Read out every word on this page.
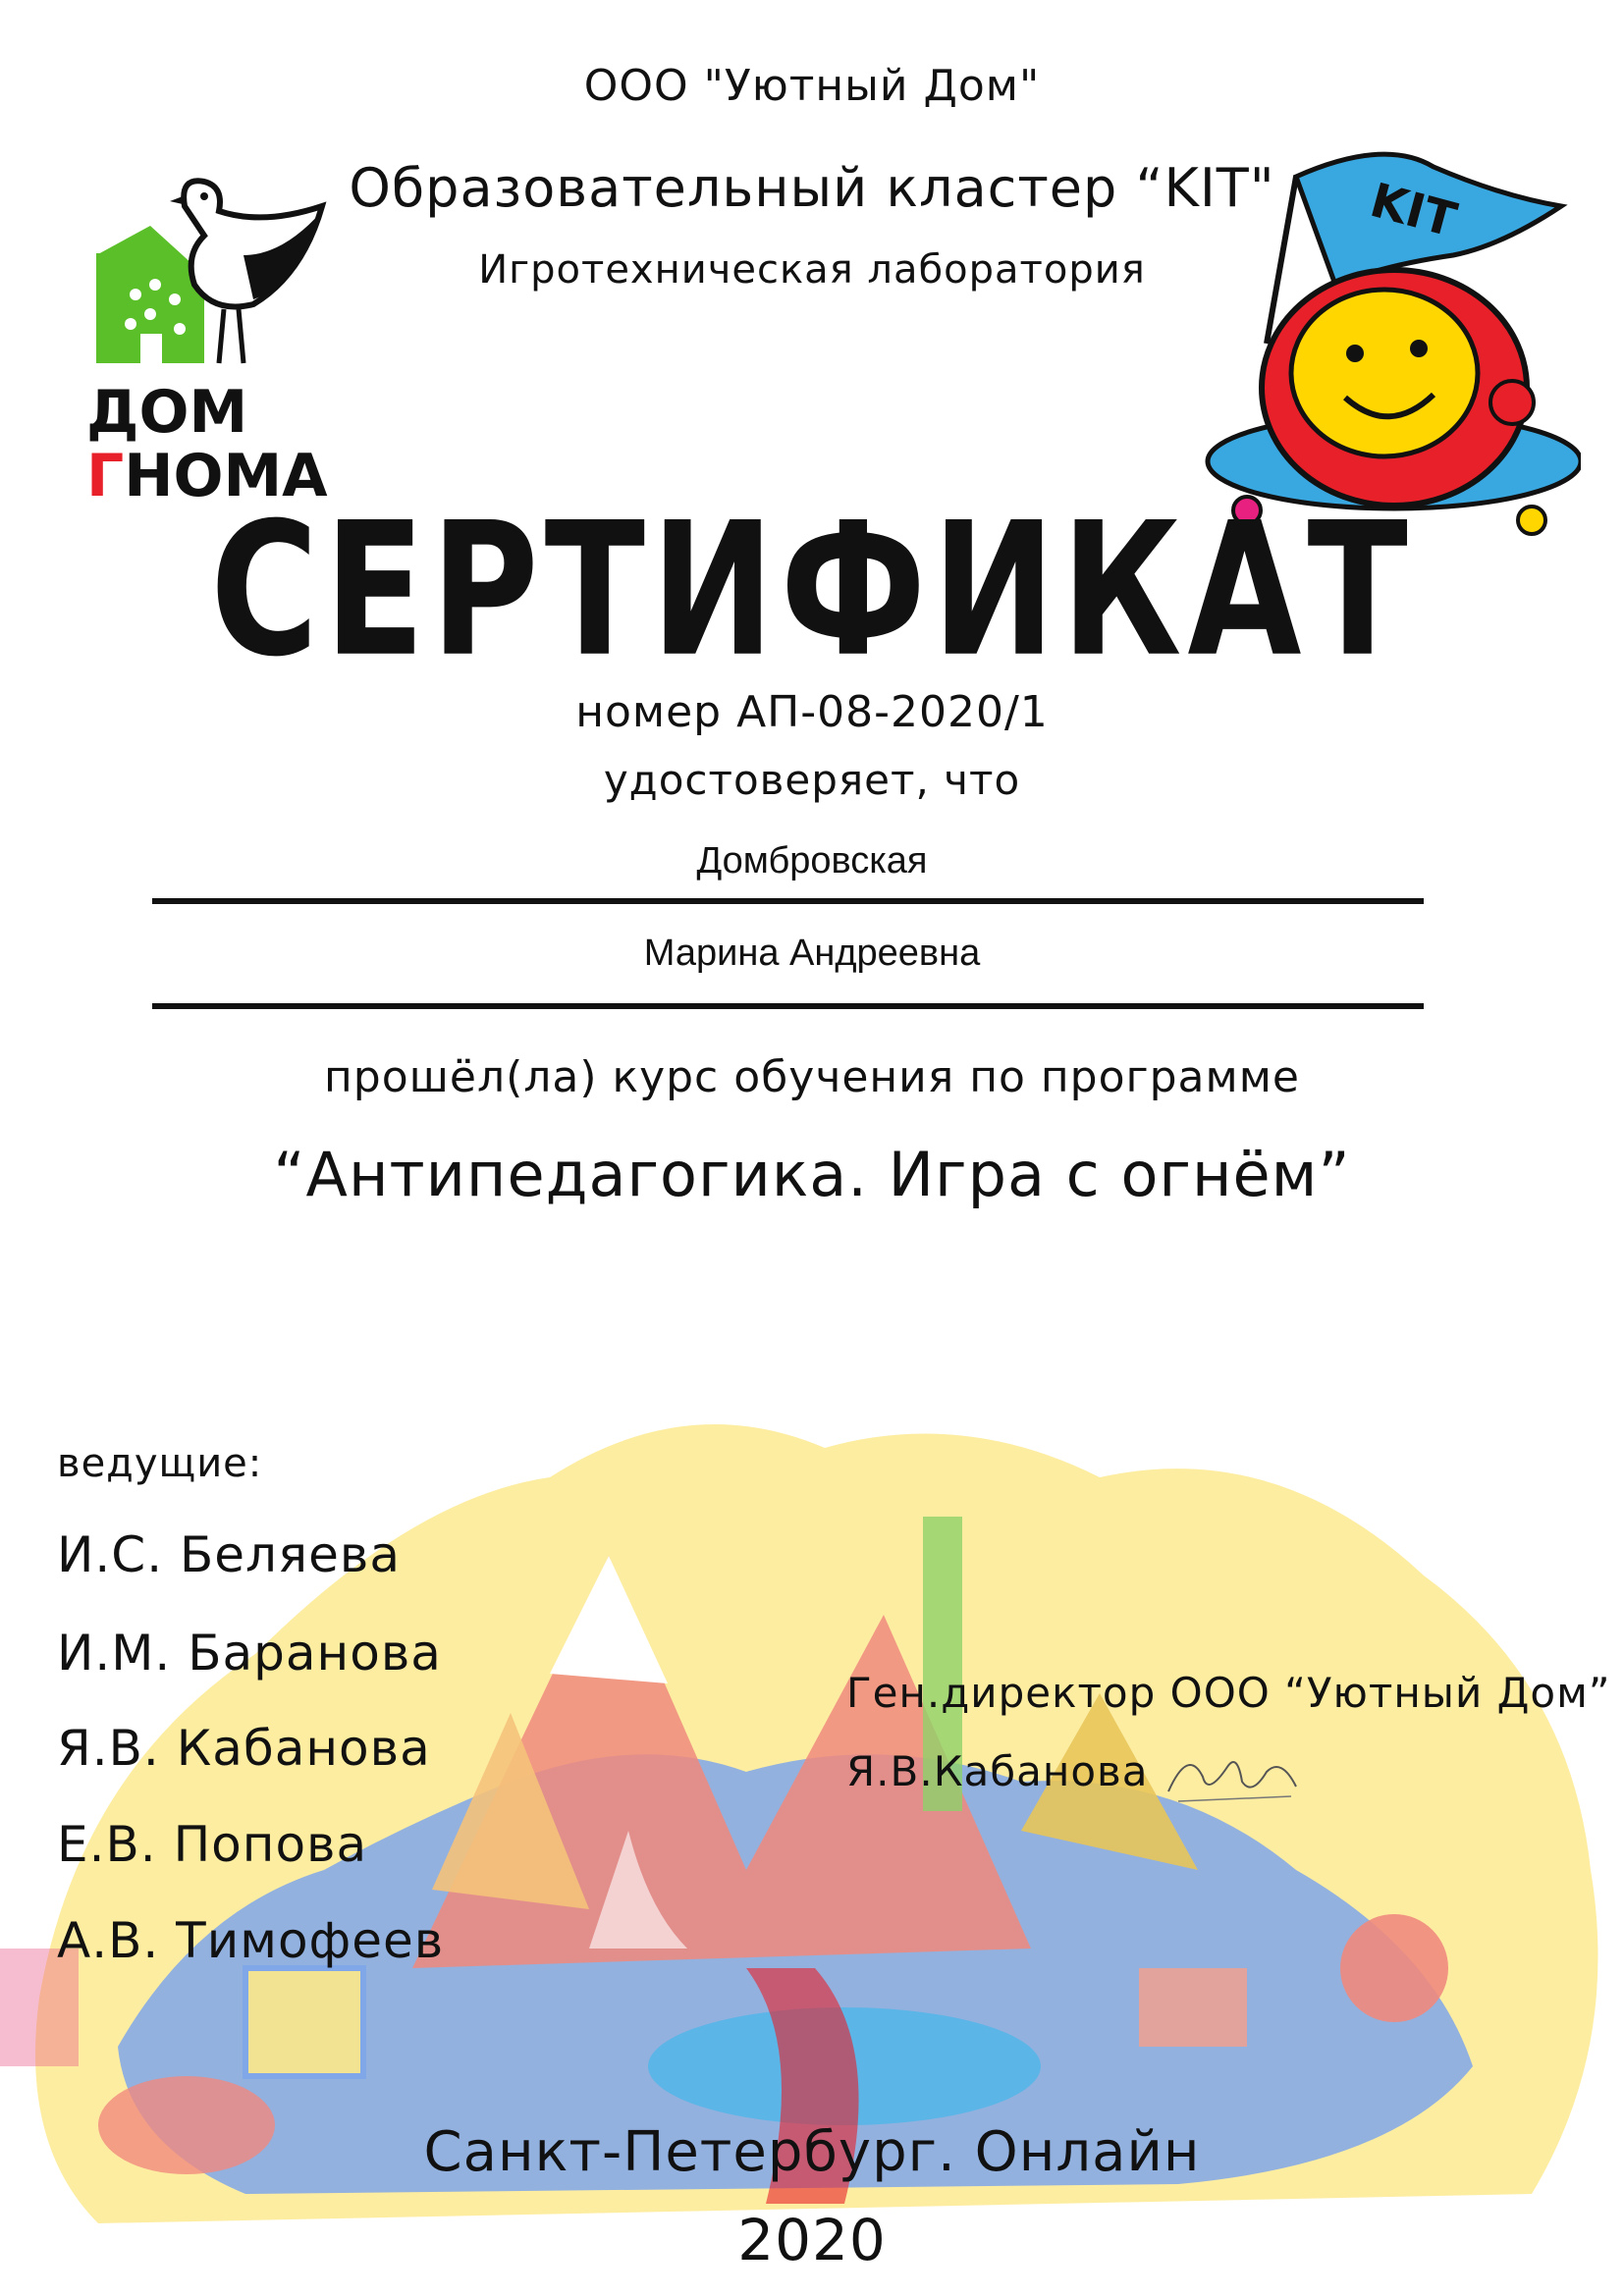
ООО "Уютный Дом"
Образовательный кластер “KIT"
Игротехническая лаборатория
ДОМ
ГНОМА
KIT
СЕРТИФИКАТ
номер АП-08-2020/1
удостоверяет, что
Домбровская
Марина Андреевна
прошёл(ла) курс обучения по программе
“Антипедагогика. Игра с огнём”
ведущие:
И.С. Беляева
И.М. Баранова
Я.В. Кабанова
Е.В. Попова
А.В. Тимофеев
Ген.директор ООО “Уютный Дом”
Я.В.Кабанова
Санкт-Петербург. Онлайн
2020
